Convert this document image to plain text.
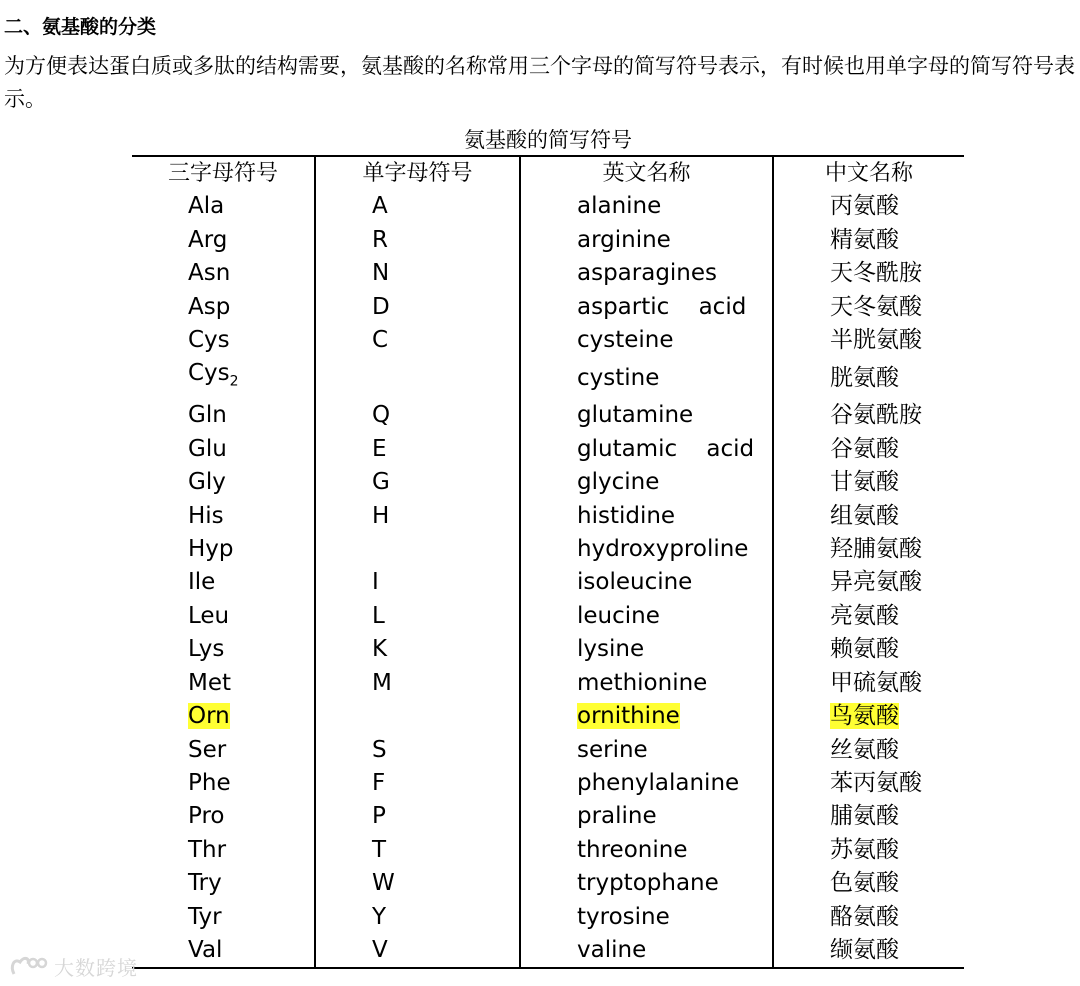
二、氨基酸的分类

为方便表达蛋白质或多肽的结构需要，氨基酸的名称常用三个字母的简写符号表示，有时候也用单字母的简写符号表示。

氨基酸的简写符号
三字母符号	单字母符号	英文名称	中文名称
Ala	A	alanine	丙氨酸
Arg	R	arginine	精氨酸
Asn	N	asparagines	天冬酰胺
Asp	D	aspartic acid	天冬氨酸
Cys	C	cysteine	半胱氨酸
Cys$_2$		cystine	胱氨酸
Gln	Q	glutamine	谷氨酰胺
Glu	E	glutamic acid	谷氨酸
Gly	G	glycine	甘氨酸
His	H	histidine	组氨酸
Hyp		hydroxyproline	羟脯氨酸
Ile	I	isoleucine	异亮氨酸
Leu	L	leucine	亮氨酸
Lys	K	lysine	赖氨酸
Met	M	methionine	甲硫氨酸
Orn		ornithine	鸟氨酸
Ser	S	serine	丝氨酸
Phe	F	phenylalanine	苯丙氨酸
Pro	P	praline	脯氨酸
Thr	T	threonine	苏氨酸
Try	W	tryptophane	色氨酸
Tyr	Y	tyrosine	酪氨酸
Val	V	valine	缬氨酸
大数跨境
